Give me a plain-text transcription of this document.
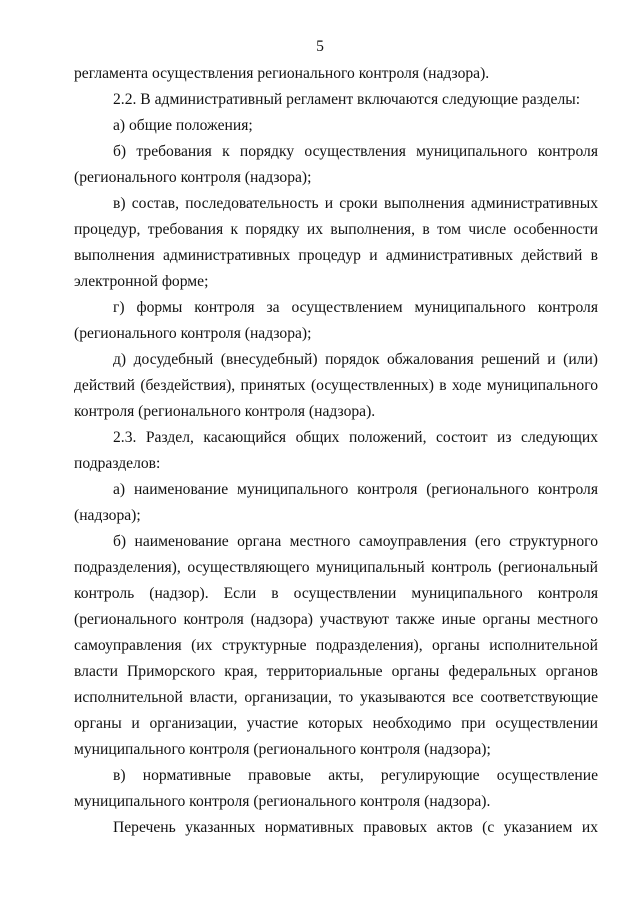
5
регламента осуществления регионального контроля (надзора).
2.2. В административный регламент включаются следующие разделы:
а) общие положения;
б) требования к порядку осуществления муниципального контроля
(регионального контроля (надзора);
в) состав, последовательность и сроки выполнения административных
процедур, требования к порядку их выполнения, в том числе особенности
выполнения административных процедур и административных действий в
электронной форме;
г) формы контроля за осуществлением муниципального контроля
(регионального контроля (надзора);
д) досудебный (внесудебный) порядок обжалования решений и (или)
действий (бездействия), принятых (осуществленных) в ходе муниципального
контроля (регионального контроля (надзора).
2.3. Раздел, касающийся общих положений, состоит из следующих
подразделов:
а) наименование муниципального контроля (регионального контроля
(надзора);
б) наименование органа местного самоуправления (его структурного
подразделения), осуществляющего муниципальный контроль (региональный
контроль (надзор). Если в осуществлении муниципального контроля
(регионального контроля (надзора) участвуют также иные органы местного
самоуправления (их структурные подразделения), органы исполнительной
власти Приморского края, территориальные органы федеральных органов
исполнительной власти, организации, то указываются все соответствующие
органы и организации, участие которых необходимо при осуществлении
муниципального контроля (регионального контроля (надзора);
в) нормативные правовые акты, регулирующие осуществление
муниципального контроля (регионального контроля (надзора).
Перечень указанных нормативных правовых актов (с указанием их
